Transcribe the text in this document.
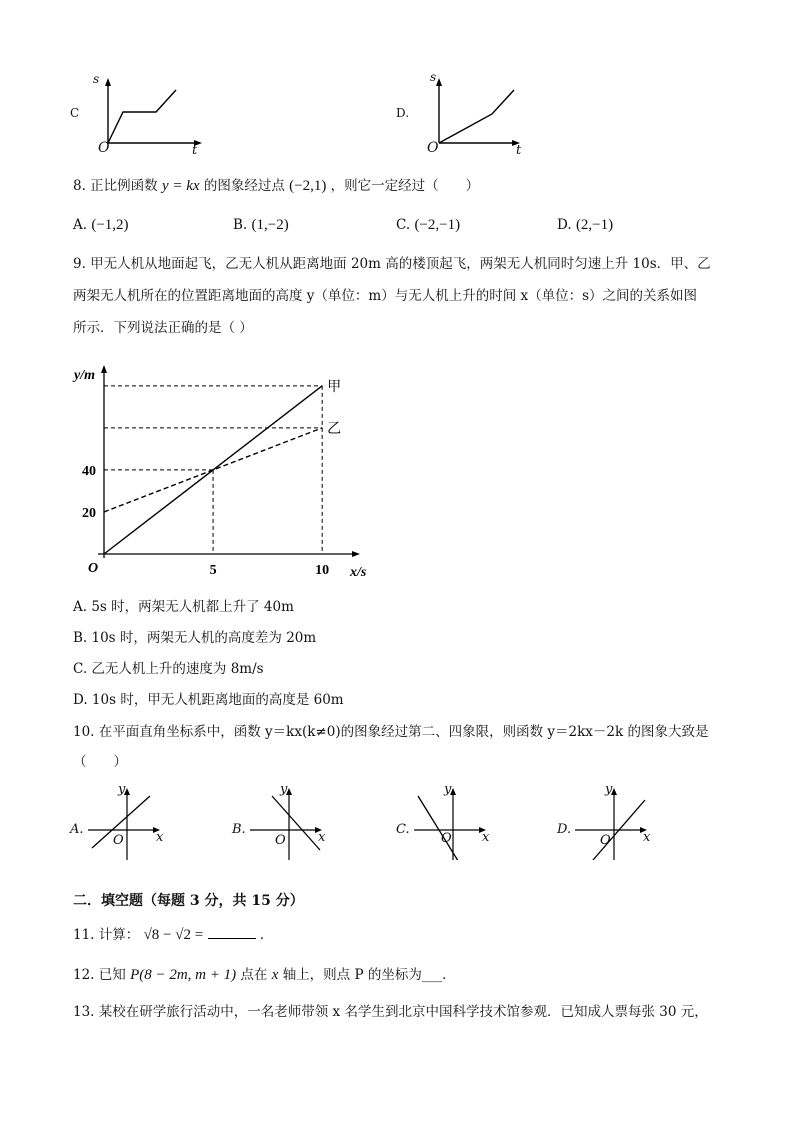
C
s
t
O
D.
s
t
O
8. 正比例函数 y = kx 的图象经过点 (−2,1) ，则它一定经过（　　）
A. (−1,2)	B. (1,−2)	C. (−2,−1)	D. (2,−1)
9. 甲无人机从地面起飞，乙无人机从距离地面 20m 高的楼顶起飞，两架无人机同时匀速上升 10s．甲、乙
两架无人机所在的位置距离地面的高度 y（单位：m）与无人机上升的时间 x（单位：s）之间的关系如图
所示．下列说法正确的是（ ）
甲
乙
5	10
20
40
O
y/m
x/s
A. 5s 时，两架无人机都上升了 40m
B. 10s 时，两架无人机的高度差为 20m
C. 乙无人机上升的速度为 8m/s
D. 10s 时，甲无人机距离地面的高度是 60m
10. 在平面直角坐标系中，函数 y＝kx(k≠0)的图象经过第二、四象限，则函数 y＝2kx－2k 的图象大致是
（　　）
A.
y
x
O
B.
y
x
O
C.
y
x
O
D.
y
x
O
二．填空题（每题 3 分，共 15 分）
11. 计算： √8 − √2 =	．
12. 已知 P(8 − 2m, m + 1) 点在 x 轴上，则点 P 的坐标为___．
13. 某校在研学旅行活动中，一名老师带领 x 名学生到北京中国科学技术馆参观．已知成人票每张 30 元，
